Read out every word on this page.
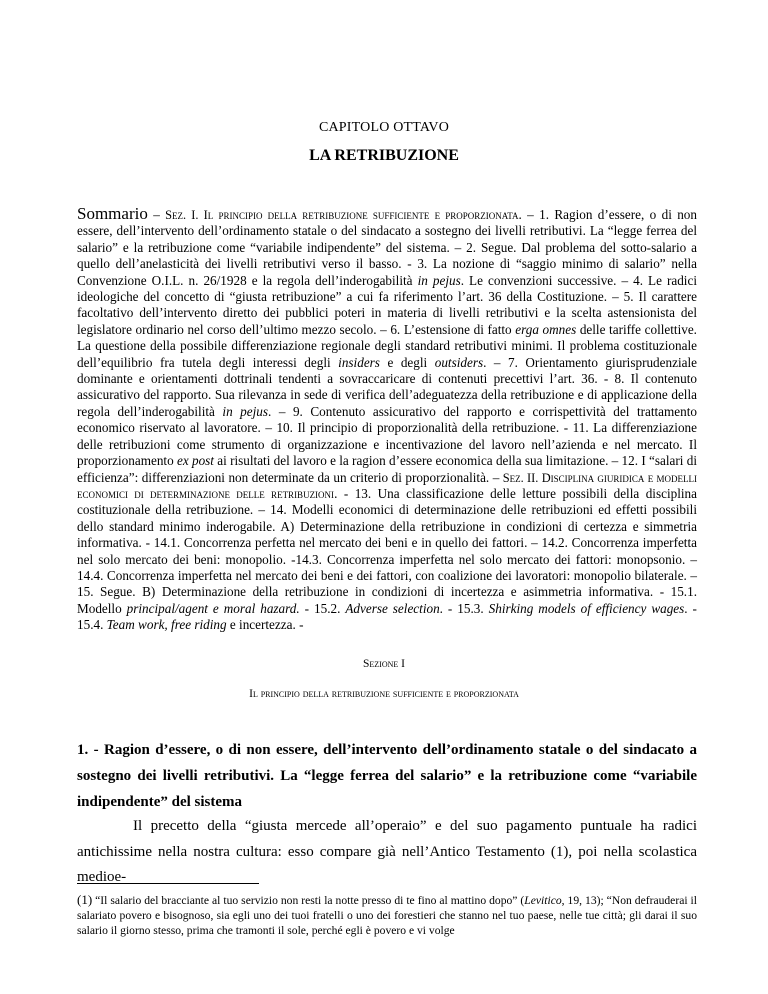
CAPITOLO OTTAVO
LA RETRIBUZIONE
Sommario – Sez. I. Il principio della retribuzione sufficiente e proporzionata. – 1. Ragion d’essere, o di non essere, dell’intervento dell’ordinamento statale o del sindacato a sostegno dei livelli retributivi. La “legge ferrea del salario” e la retribuzione come “variabile indipendente” del sistema. – 2. Segue. Dal problema del sotto-salario a quello dell’anelasticità dei livelli retributivi verso il basso. - 3. La nozione di “saggio minimo di salario” nella Convenzione O.I.L. n. 26/1928 e la regola dell’inderogabilità in pejus. Le convenzioni successive. – 4. Le radici ideologiche del concetto di “giusta retribuzione” a cui fa riferimento l’art. 36 della Costituzione. – 5. Il carattere facoltativo dell’intervento diretto dei pubblici poteri in materia di livelli retributivi e la scelta astensionista del legislatore ordinario nel corso dell’ultimo mezzo secolo. – 6. L’estensione di fatto erga omnes delle tariffe collettive. La questione della possibile differenziazione regionale degli standard retributivi minimi. Il problema costituzionale dell’equilibrio fra tutela degli interessi degli insiders e degli outsiders. – 7. Orientamento giurisprudenziale dominante e orientamenti dottrinali tendenti a sovraccaricare di contenuti precettivi l’art. 36. - 8. Il contenuto assicurativo del rapporto. Sua rilevanza in sede di verifica dell’adeguatezza della retribuzione e di applicazione della regola dell’inderogabilità in pejus. – 9. Contenuto assicurativo del rapporto e corrispettività del trattamento economico riservato al lavoratore. – 10. Il principio di proporzionalità della retribuzione. - 11. La differenziazione delle retribuzioni come strumento di organizzazione e incentivazione del lavoro nell’azienda e nel mercato. Il proporzionamento ex post ai risultati del lavoro e la ragion d’essere economica della sua limitazione. – 12. I “salari di efficienza”: differenziazioni non determinate da un criterio di proporzionalità. – Sez. II. Disciplina giuridica e modelli economici di determinazione delle retribuzioni. - 13. Una classificazione delle letture possibili della disciplina costituzionale della retribuzione. – 14. Modelli economici di determinazione delle retribuzioni ed effetti possibili dello standard minimo inderogabile. A) Determinazione della retribuzione in condizioni di certezza e simmetria informativa. - 14.1. Concorrenza perfetta nel mercato dei beni e in quello dei fattori. – 14.2. Concorrenza imperfetta nel solo mercato dei beni: monopolio. -14.3. Concorrenza imperfetta nel solo mercato dei fattori: monopsonio. – 14.4. Concorrenza imperfetta nel mercato dei beni e dei fattori, con coalizione dei lavoratori: monopolio bilaterale. – 15. Segue. B) Determinazione della retribuzione in condizioni di incertezza e asimmetria informativa. - 15.1. Modello principal/agent e moral hazard. - 15.2. Adverse selection. - 15.3. Shirking models of efficiency wages. - 15.4. Team work, free riding e incertezza. -
Sezione I
Il principio della retribuzione sufficiente e proporzionata
1. - Ragion d’essere, o di non essere, dell’intervento dell’ordinamento statale o del sindacato a sostegno dei livelli retributivi. La “legge ferrea del salario” e la retribuzione come “variabile indipendente” del sistema

Il precetto della “giusta mercede all’operaio” e del suo pagamento puntuale ha radici antichissime nella nostra cultura: esso compare già nell’Antico Testamento (1), poi nella scolastica medioe-

(1) “Il salario del bracciante al tuo servizio non resti la notte presso di te fino al mattino dopo” (Levitico, 19, 13); “Non defrauderai il salariato povero e bisognoso, sia egli uno dei tuoi fratelli o uno dei forestieri che stanno nel tuo paese, nelle tue città; gli darai il suo salario il giorno stesso, prima che tramonti il sole, perché egli è povero e vi volge
